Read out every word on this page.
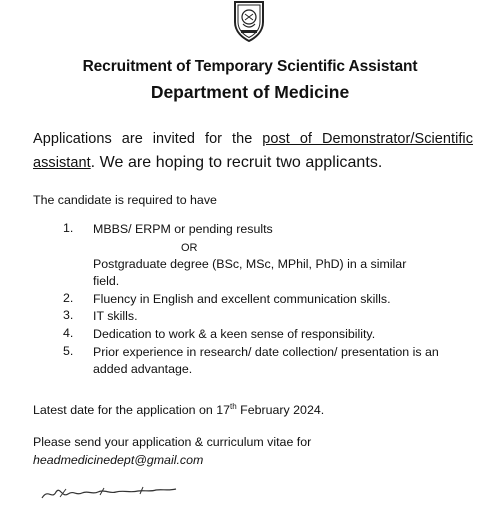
Recruitment of Temporary Scientific Assistant
Department of Medicine
Applications are invited for the post of Demonstrator/Scientific
assistant. We are hoping to recruit two applicants.
The candidate is required to have
1. MBBS/ ERPM or pending results
OR
Postgraduate degree (BSc, MSc, MPhil, PhD) in a similar
field.
2. Fluency in English and excellent communication skills.
3. IT skills.
4. Dedication to work & a keen sense of responsibility.
5. Prior experience in research/ date collection/ presentation is an
added advantage.
Latest date for the application on 17th February 2024.
Please send your application & curriculum vitae for
headmedicinedept@gmail.com
